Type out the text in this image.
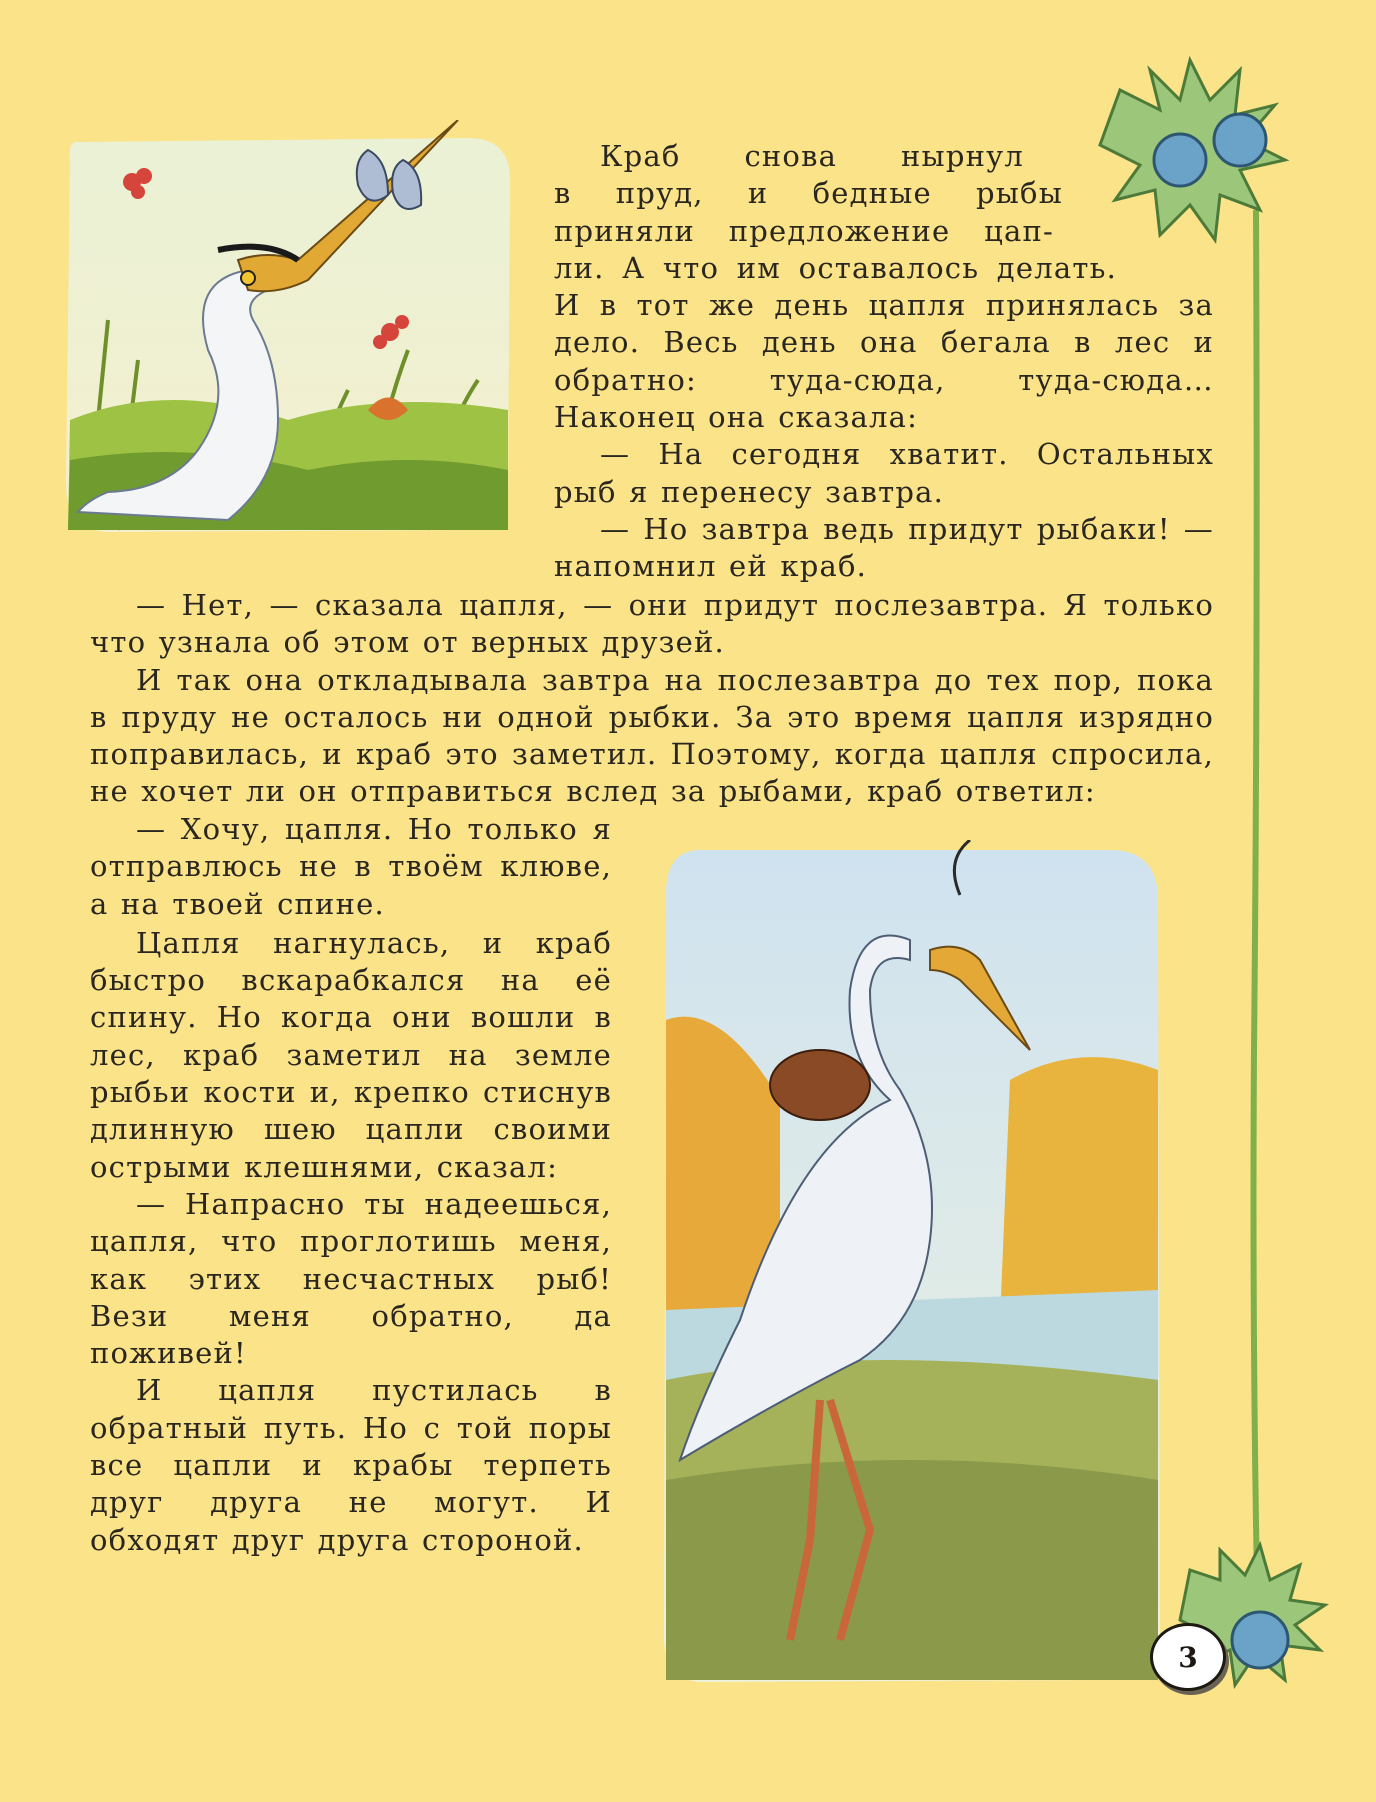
Краб снова нырнул

в пруд, и бедные рыбы

приняли предложение цап-

ли. А что им оставалось делать.

И в тот же день цапля принялась за дело. Весь день она бегала в лес и обратно: туда-сюда, туда-сюда… Наконец она сказала:

— На сегодня хватит. Остальных рыб я перенесу завтра.

— Но завтра ведь придут рыбаки! — напомнил ей краб.

— Нет, — сказала цапля, — они придут послезавтра. Я только что узнала об этом от верных друзей.

И так она откладывала завтра на послезавтра до тех пор, пока в пруду не осталось ни одной рыбки. За это время цапля изрядно поправилась, и краб это заметил. Поэтому, когда цапля спросила, не хочет ли он отправиться вслед за рыбами, краб ответил:

— Хочу, цапля. Но только я отправлюсь не в твоём клюве, а на твоей спине.

Цапля нагнулась, и краб быстро вскарабкался на её спину. Но когда они вошли в лес, краб заметил на земле рыбьи кости и, крепко стиснув длинную шею цапли своими острыми клешнями, сказал:

— Напрасно ты надеешься, цапля, что проглотишь меня, как этих несчастных рыб! Вези меня обратно, да поживей!

И цапля пустилась в обратный путь. Но с той поры все цапли и крабы терпеть друг друга не могут. И обходят друг друга стороной.

3
